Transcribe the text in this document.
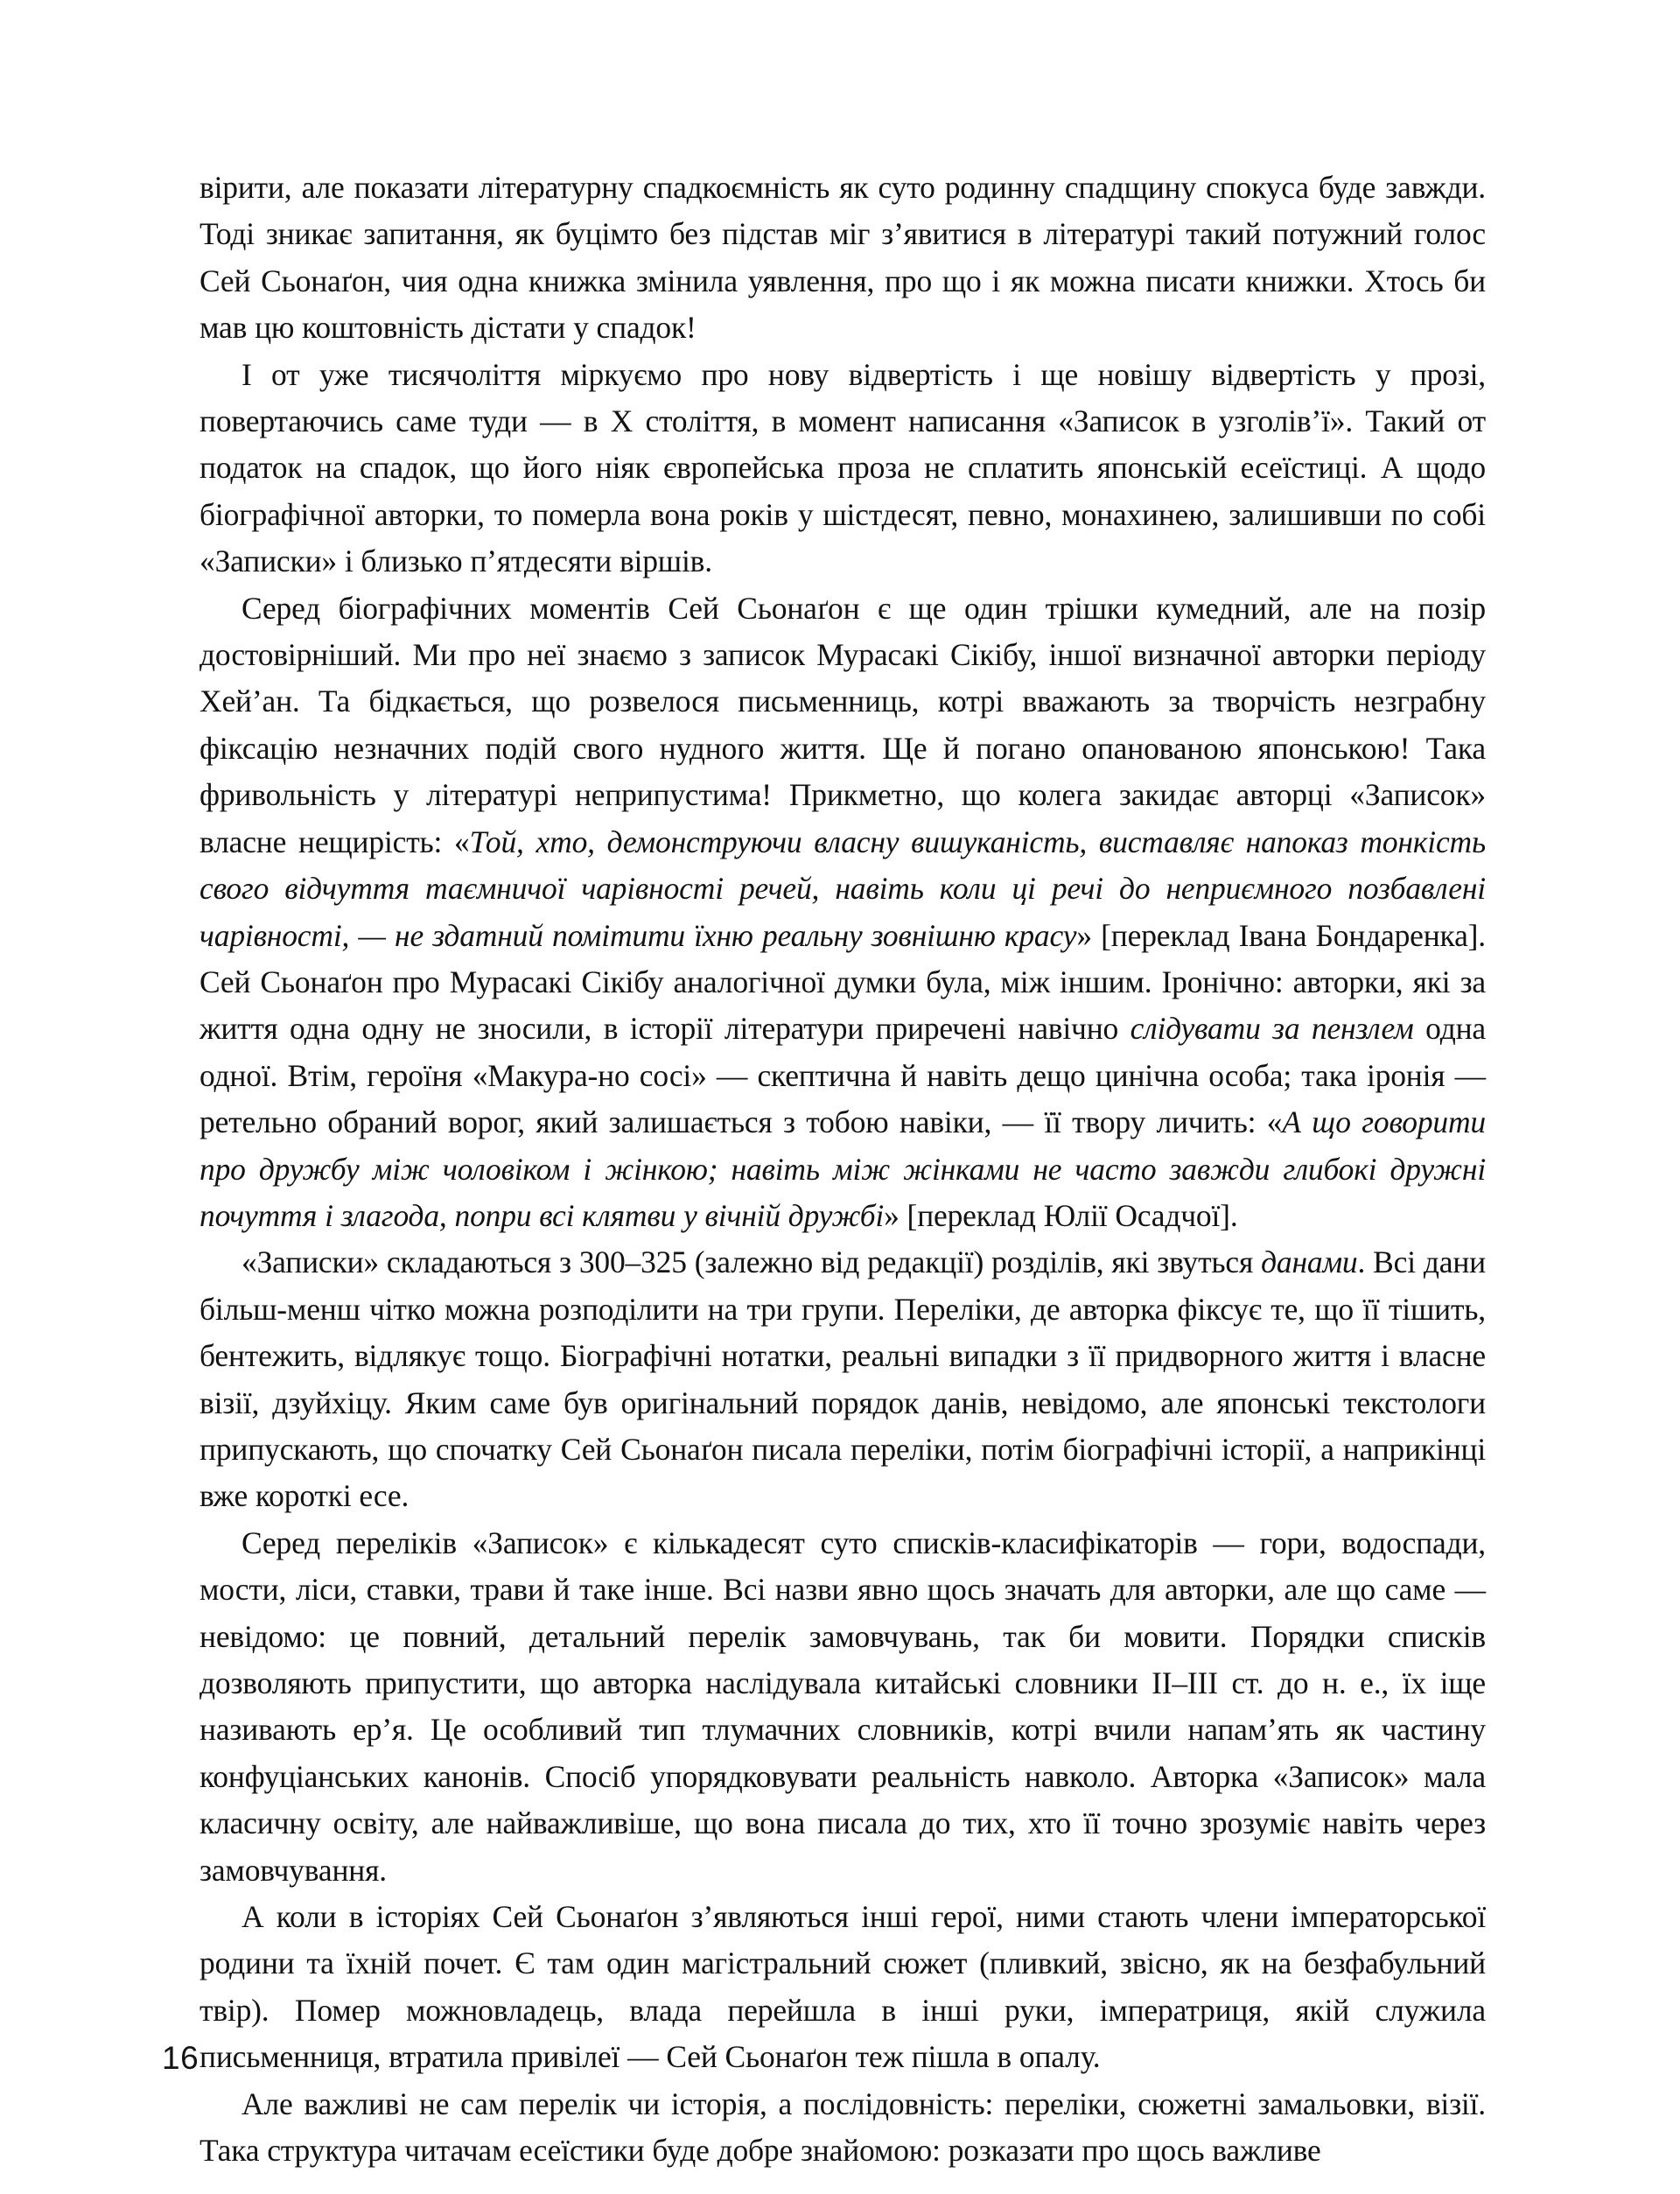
вірити, але показати літературну спадкоємність як суто родинну спадщину спокуса буде завжди. Тоді зникає запитання, як буцімто без підстав міг з’явитися в літературі такий потужний голос Сей Сьонаґон, чия одна книжка змінила уявлення, про що і як можна писати книжки. Хтось би мав цю коштовність дістати у спадок!

І от уже тисячоліття міркуємо про нову відвертість і ще новішу відвертість у прозі, повертаючись саме туди — в Х століття, в момент написання «Записок в узголів’ї». Такий от податок на спадок, що його ніяк європейська проза не сплатить японській есеїстиці. А щодо біографічної авторки, то померла вона років у шістдесят, певно, монахинею, залишивши по собі «Записки» і близько п’ятдесяти віршів.

Серед біографічних моментів Сей Сьонаґон є ще один трішки кумедний, але на позір достовірніший. Ми про неї знаємо з записок Мурасакі Сікібу, іншої визначної авторки періоду Хей’ан. Та бідкається, що розвелося письменниць, котрі вважають за творчість незграбну фіксацію незначних подій свого нудного життя. Ще й погано опанованою японською! Така фривольність у літературі неприпустима! Прикметно, що колега закидає авторці «Записок» власне нещирість: «Той, хто, демонструючи власну вишуканість, виставляє напоказ тонкість свого відчуття таємничої чарівності речей, навіть коли ці речі до неприємного позбавлені чарівності, — не здатний помітити їхню реальну зовнішню красу» [переклад Івана Бондаренка]. Сей Сьонаґон про Мурасакі Сікібу аналогічної думки була, між іншим. Іронічно: авторки, які за життя одна одну не зносили, в історії літератури приречені навічно слідувати за пензлем одна одної. Втім, героїня «Макура-но сосі» — скептична й навіть дещо цинічна особа; така іронія — ретельно обраний ворог, який залишається з тобою навіки, — її твору личить: «А що говорити про дружбу між чоловіком і жінкою; навіть між жінками не часто завжди глибокі дружні почуття і злагода, попри всі клятви у вічній дружбі» [переклад Юлії Осадчої].

«Записки» складаються з 300–325 (залежно від редакції) розділів, які звуться данами. Всі дани більш-менш чітко можна розподілити на три групи. Переліки, де авторка фіксує те, що її тішить, бентежить, відлякує тощо. Біографічні нотатки, реальні випадки з її придворного життя і власне візії, дзуйхіцу. Яким саме був оригінальний порядок данів, невідомо, але японські текстологи припускають, що спочатку Сей Сьонаґон писала переліки, потім біографічні історії, а наприкінці вже короткі есе.

Серед переліків «Записок» є кількадесят суто списків-класифікаторів — гори, водоспади, мости, ліси, ставки, трави й таке інше. Всі назви явно щось значать для авторки, але що саме — невідомо: це повний, детальний перелік замовчувань, так би мовити. Порядки списків дозволяють припустити, що авторка наслідувала китайські словники ІІ–ІІІ ст. до н. е., їх іще називають ер’я. Це особливий тип тлумачних словників, котрі вчили напам’ять як частину конфуціанських канонів. Спосіб упорядковувати реальність навколо. Авторка «Записок» мала класичну освіту, але найважливіше, що вона писала до тих, хто її точно зрозуміє навіть через замовчування.

А коли в історіях Сей Сьонаґон з’являються інші герої, ними стають члени імператорської родини та їхній почет. Є там один магістральний сюжет (пливкий, звісно, як на безфабульний твір). Помер можновладець, влада перейшла в інші руки, імператриця, якій служила письменниця, втратила привілеї — Сей Сьонаґон теж пішла в опалу.

Але важливі не сам перелік чи історія, а послідовність: переліки, сюжетні замальовки, візії. Така структура читачам есеїстики буде добре знайомою: розказати про щось важливе

16
